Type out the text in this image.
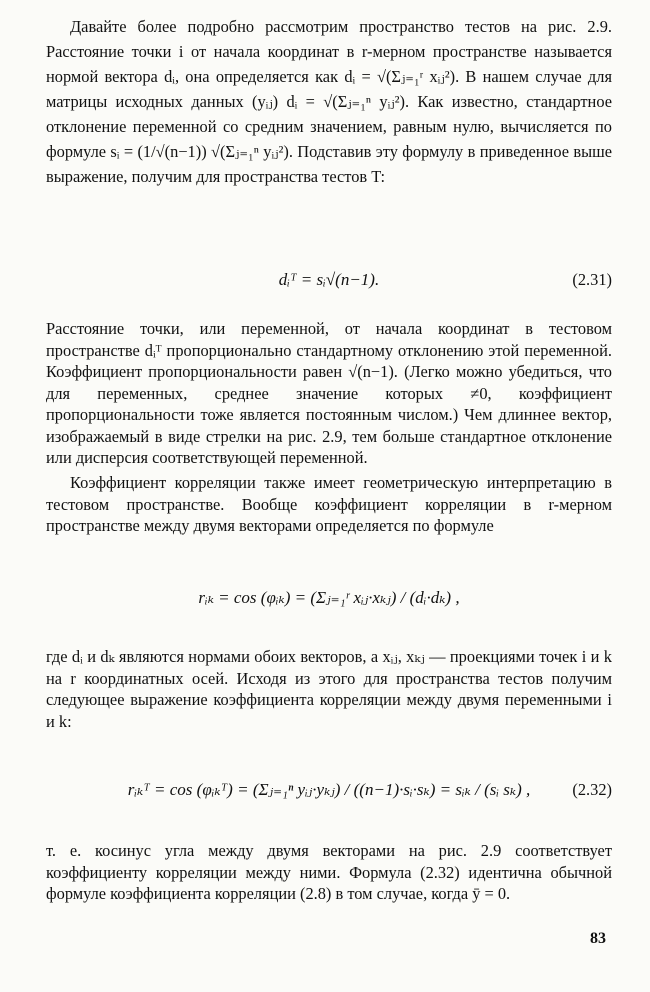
Давайте более подробно рассмотрим пространство тестов на рис. 2.9. Расстояние точки i от начала координат в r-мерном пространстве называется нормой вектора dᵢ, она определяется как dᵢ = √(Σⱼ₌₁ʳ xᵢⱼ²). В нашем случае для матрицы исходных данных (yᵢⱼ) dᵢ = √(Σⱼ₌₁ⁿ yᵢⱼ²). Как известно, стандартное отклонение переменной со средним значением, равным нулю, вычисляется по формуле sᵢ = (1/√(n−1)) √(Σⱼ₌₁ⁿ yᵢⱼ²). Подставив эту формулу в приведенное выше выражение, получим для пространства тестов T:

dᵢᵀ = sᵢ√(n−1).	(2.31)

Расстояние точки, или переменной, от начала координат в тестовом пространстве dᵢᵀ пропорционально стандартному отклонению этой переменной. Коэффициент пропорциональности равен √(n−1). (Легко можно убедиться, что для переменных, среднее значение которых ≠0, коэффициент пропорциональности тоже является постоянным числом.) Чем длиннее вектор, изображаемый в виде стрелки на рис. 2.9, тем больше стандартное отклонение или дисперсия соответствующей переменной.

Коэффициент корреляции также имеет геометрическую интерпретацию в тестовом пространстве. Вообще коэффициент корреляции в r-мерном пространстве между двумя векторами определяется по формуле

rᵢₖ = cos (φᵢₖ) = (Σⱼ₌₁ʳ xᵢⱼ·xₖⱼ) / (dᵢ·dₖ) ,

где dᵢ и dₖ являются нормами обоих векторов, а xᵢⱼ, xₖⱼ — проекциями точек i и k на r координатных осей. Исходя из этого для пространства тестов получим следующее выражение коэффициента корреляции между двумя переменными i и k:

rᵢₖᵀ = cos (φᵢₖᵀ) = (Σⱼ₌₁ⁿ yᵢⱼ·yₖⱼ) / ((n−1)·sᵢ·sₖ) = sᵢₖ / (sᵢ sₖ) ,	(2.32)

т. е. косинус угла между двумя векторами на рис. 2.9 соответствует коэффициенту корреляции между ними. Формула (2.32) идентична обычной формуле коэффициента корреляции (2.8) в том случае, когда ȳ = 0.

83
